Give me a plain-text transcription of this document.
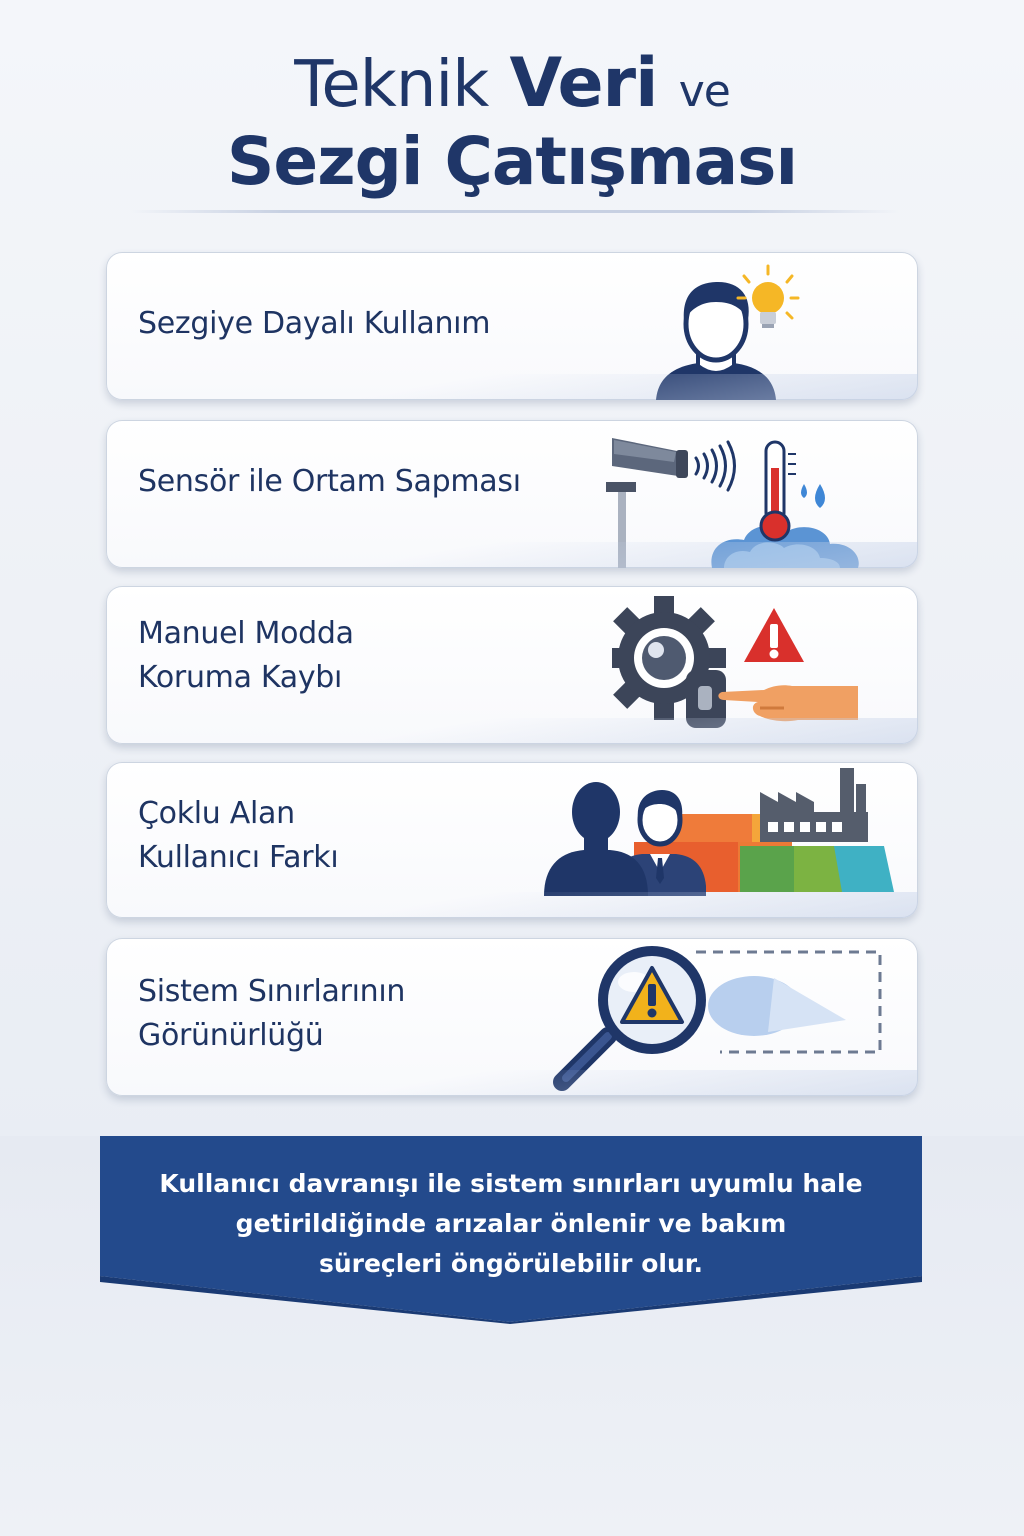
Teknik Veri ve
Sezgi Çatışması
Sezgiye Dayalı Kullanım
Sensör ile Ortam Sapması
Manuel Modda
Koruma Kaybı
Çoklu Alan
Kullanıcı Farkı
Sistem Sınırlarının
Görünürlüğü
Kullanıcı davranışı ile sistem sınırları uyumlu hale
getirildiğinde arızalar önlenir ve bakım
süreçleri öngörülebilir olur.
